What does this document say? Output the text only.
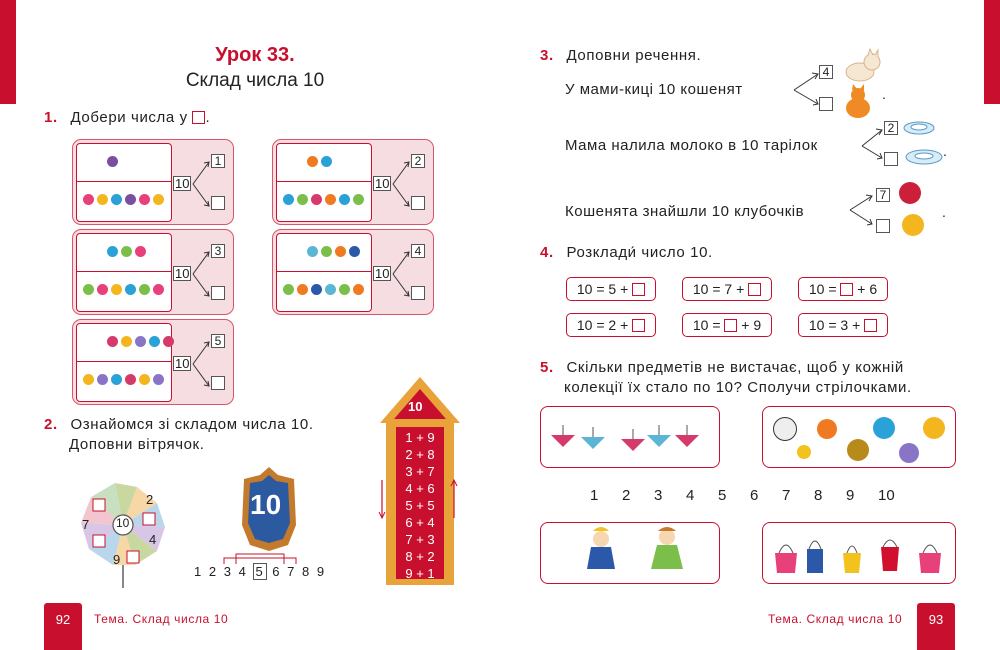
Урок 33.
Склад числа 10
1. Добери числа у .
10
1
10
2
10
3
10
4
10
5
2. Ознайомся зі складом числа 10.
Доповни вітрячок.
10
2
4
9
7
10
1 2 3 4 5 6 7 8 9
10
1 + 9
2 + 8
3 + 7
4 + 6
5 + 5
6 + 4
7 + 3
8 + 2
9 + 1
92	Тема. Склад числа 10
3. Доповни речення.
У мами-киці 10 кошенят
Мама налила молоко в 10 тарілок
Кошенята знайшли 10 клубочків
4
2
7
.
.
.
4. Розклади́ число 10.
10 = 5 +	10 = 7 +	10 =  + 6
10 = 2 +	10 =  + 9	10 = 3 +
5. Скільки предметів не вистачає, щоб у кожній
колекції їх стало по 10? Сполучи стрілочками.
1 2 3 4 5 6 7 8 9 10
Тема. Склад числа 10	93
